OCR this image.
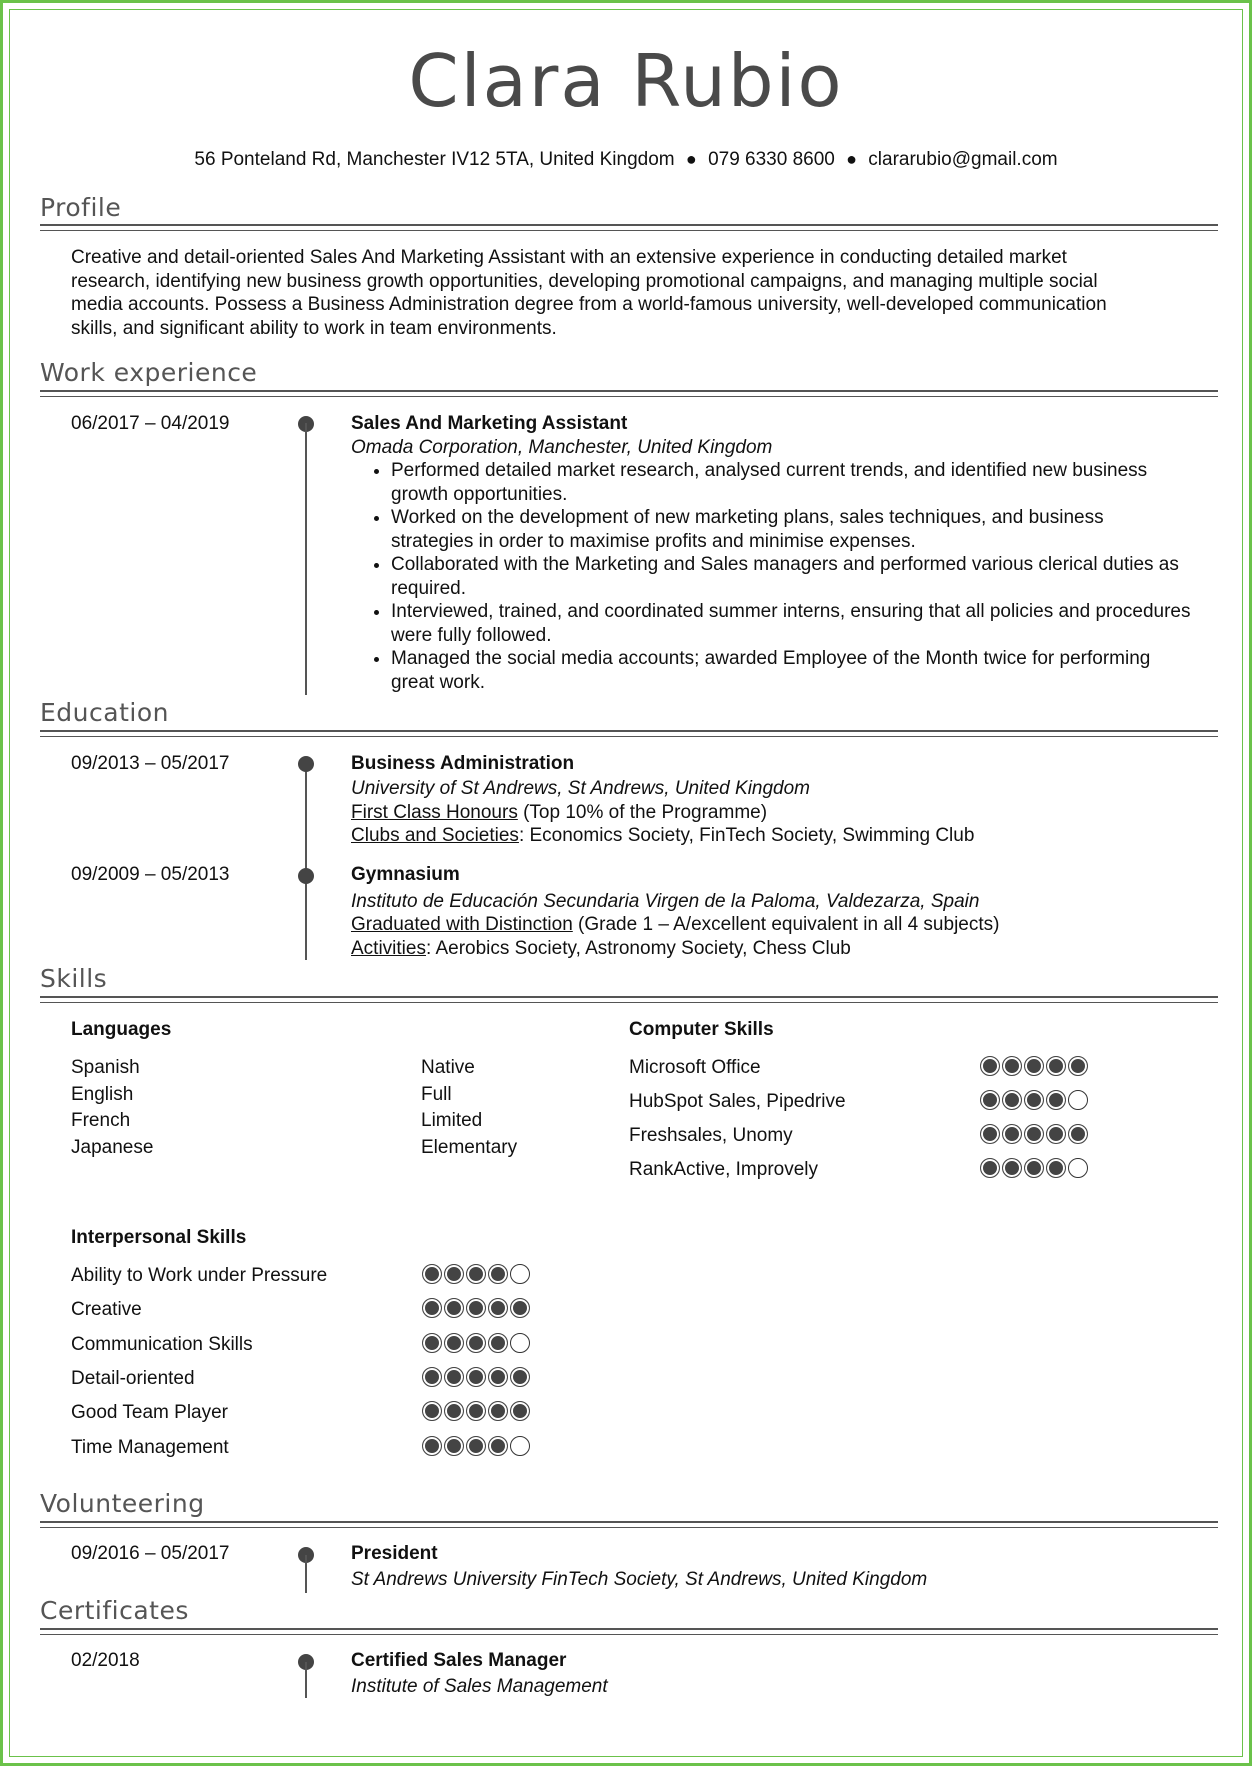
Clara Rubio
56 Ponteland Rd, Manchester IV12 5TA, United Kingdom ● 079 6330 8600 ● clararubio@gmail.com
Profile
Creative and detail-oriented Sales And Marketing Assistant with an extensive experience in conducting detailed market
research, identifying new business growth opportunities, developing promotional campaigns, and managing multiple social
media accounts. Possess a Business Administration degree from a world-famous university, well-developed communication
skills, and significant ability to work in team environments.
Work experience
06/2017 – 04/2019	Sales And Marketing Assistant
Omada Corporation, Manchester, United Kingdom
• Performed detailed market research, analysed current trends, and identified new business growth opportunities.
• Worked on the development of new marketing plans, sales techniques, and business strategies in order to maximise profits and minimise expenses.
• Collaborated with the Marketing and Sales managers and performed various clerical duties as required.
• Interviewed, trained, and coordinated summer interns, ensuring that all policies and procedures were fully followed.
• Managed the social media accounts; awarded Employee of the Month twice for performing great work.
Education
09/2013 – 05/2017	Business Administration
University of St Andrews, St Andrews, United Kingdom
First Class Honours (Top 10% of the Programme)
Clubs and Societies: Economics Society, FinTech Society, Swimming Club
09/2009 – 05/2013	Gymnasium
Instituto de Educación Secundaria Virgen de la Paloma, Valdezarza, Spain
Graduated with Distinction (Grade 1 – A/excellent equivalent in all 4 subjects)
Activities: Aerobics Society, Astronomy Society, Chess Club
Skills
Languages
Spanish	Native
English	Full
French	Limited
Japanese	Elementary
Computer Skills
Microsoft Office
HubSpot Sales, Pipedrive
Freshsales, Unomy
RankActive, Improvely
Interpersonal Skills
Ability to Work under Pressure
Creative
Communication Skills
Detail-oriented
Good Team Player
Time Management
Volunteering
09/2016 – 05/2017	President
St Andrews University FinTech Society, St Andrews, United Kingdom
Certificates
02/2018	Certified Sales Manager
Institute of Sales Management
